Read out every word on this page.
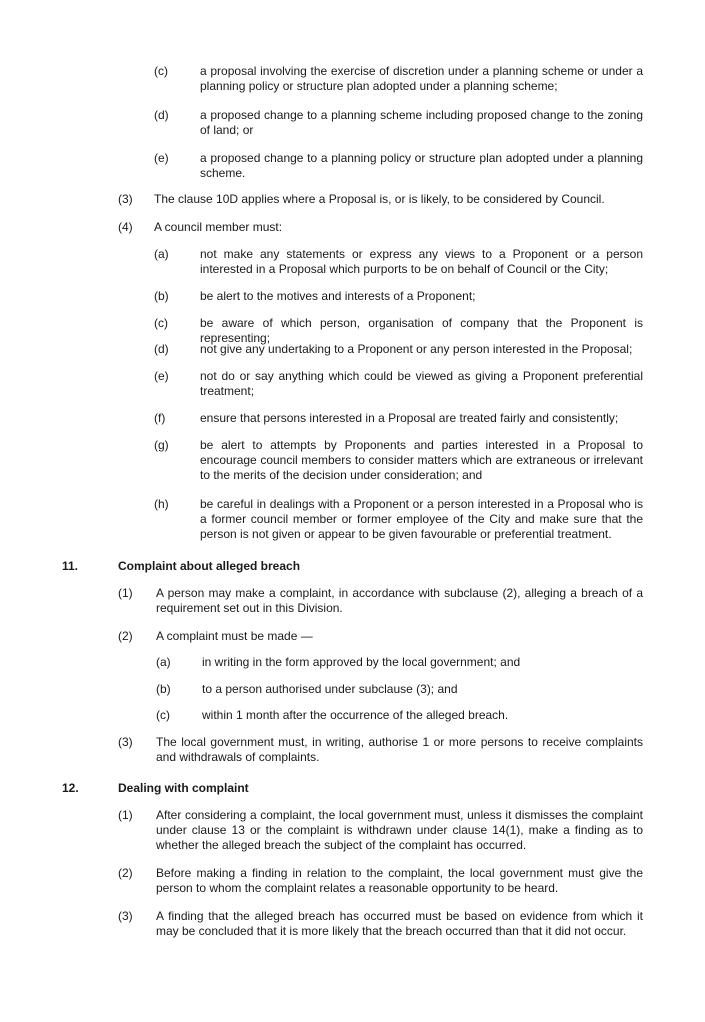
(c)	a proposal involving the exercise of discretion under a planning scheme or under a planning policy or structure plan adopted under a planning scheme;
(d)	a proposed change to a planning scheme including proposed change to the zoning of land; or
(e)	a proposed change to a planning policy or structure plan adopted under a planning scheme.
(3) The clause 10D applies where a Proposal is, or is likely, to be considered by Council.
(4) A council member must:
(a)	not make any statements or express any views to a Proponent or a person interested in a Proposal which purports to be on behalf of Council or the City;
(b)	be alert to the motives and interests of a Proponent;
(c)	be aware of which person, organisation of company that the Proponent is representing;
(d)	not give any undertaking to a Proponent or any person interested in the Proposal;
(e)	not do or say anything which could be viewed as giving a Proponent preferential treatment;
(f)	ensure that persons interested in a Proposal are treated fairly and consistently;
(g)	be alert to attempts by Proponents and parties interested in a Proposal to encourage council members to consider matters which are extraneous or irrelevant to the merits of the decision under consideration; and
(h)	be careful in dealings with a Proponent or a person interested in a Proposal who is a former council member or former employee of the City and make sure that the person is not given or appear to be given favourable or preferential treatment.
11.	Complaint about alleged breach
(1) A person may make a complaint, in accordance with subclause (2), alleging a breach of a requirement set out in this Division.
(2) A complaint must be made —
(a)	in writing in the form approved by the local government; and
(b)	to a person authorised under subclause (3); and
(c)	within 1 month after the occurrence of the alleged breach.
(3) The local government must, in writing, authorise 1 or more persons to receive complaints and withdrawals of complaints.
12.	Dealing with complaint
(1) After considering a complaint, the local government must, unless it dismisses the complaint under clause 13 or the complaint is withdrawn under clause 14(1), make a finding as to whether the alleged breach the subject of the complaint has occurred.
(2) Before making a finding in relation to the complaint, the local government must give the person to whom the complaint relates a reasonable opportunity to be heard.
(3) A finding that the alleged breach has occurred must be based on evidence from which it may be concluded that it is more likely that the breach occurred than that it did not occur.
